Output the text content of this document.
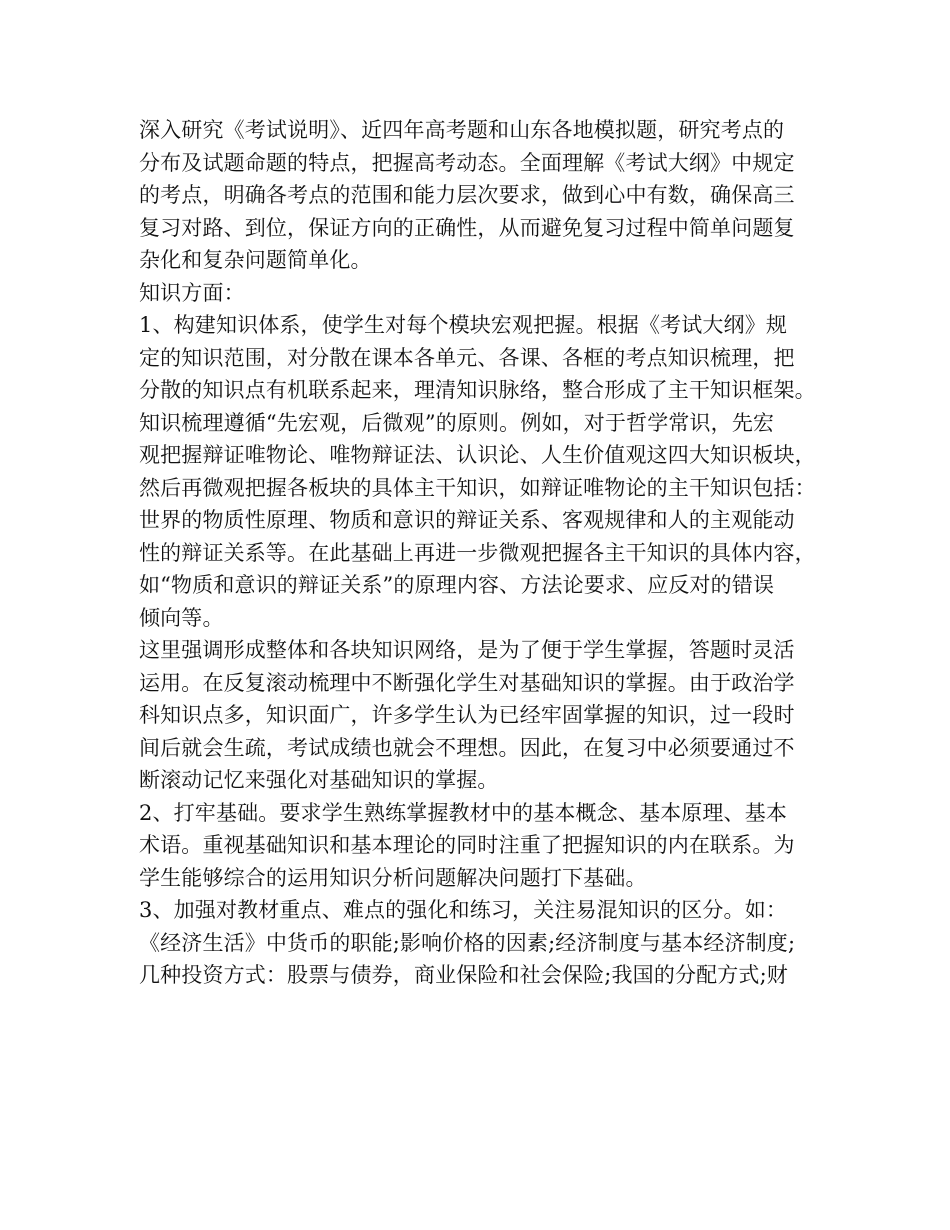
深入研究《考试说明》、近四年高考题和山东各地模拟题，研究考点的
分布及试题命题的特点，把握高考动态。全面理解《考试大纲》中规定
的考点，明确各考点的范围和能力层次要求，做到心中有数，确保高三
复习对路、到位，保证方向的正确性，从而避免复习过程中简单问题复
杂化和复杂问题简单化。
知识方面：
1、构建知识体系，使学生对每个模块宏观把握。根据《考试大纲》规
定的知识范围，对分散在课本各单元、各课、各框的考点知识梳理，把
分散的知识点有机联系起来，理清知识脉络，整合形成了主干知识框架。
知识梳理遵循“先宏观，后微观”的原则。例如，对于哲学常识，先宏
观把握辩证唯物论、唯物辩证法、认识论、人生价值观这四大知识板块，
然后再微观把握各板块的具体主干知识，如辩证唯物论的主干知识包括：
世界的物质性原理、物质和意识的辩证关系、客观规律和人的主观能动
性的辩证关系等。在此基础上再进一步微观把握各主干知识的具体内容，
如“物质和意识的辩证关系”的原理内容、方法论要求、应反对的错误
倾向等。
这里强调形成整体和各块知识网络，是为了便于学生掌握，答题时灵活
运用。在反复滚动梳理中不断强化学生对基础知识的掌握。由于政治学
科知识点多，知识面广，许多学生认为已经牢固掌握的知识，过一段时
间后就会生疏，考试成绩也就会不理想。因此，在复习中必须要通过不
断滚动记忆来强化对基础知识的掌握。
2、打牢基础。要求学生熟练掌握教材中的基本概念、基本原理、基本
术语。重视基础知识和基本理论的同时注重了把握知识的内在联系。为
学生能够综合的运用知识分析问题解决问题打下基础。
3、加强对教材重点、难点的强化和练习，关注易混知识的区分。如：
《经济生活》中货币的职能;影响价格的因素;经济制度与基本经济制度;
几种投资方式：股票与债券，商业保险和社会保险;我国的分配方式;财
